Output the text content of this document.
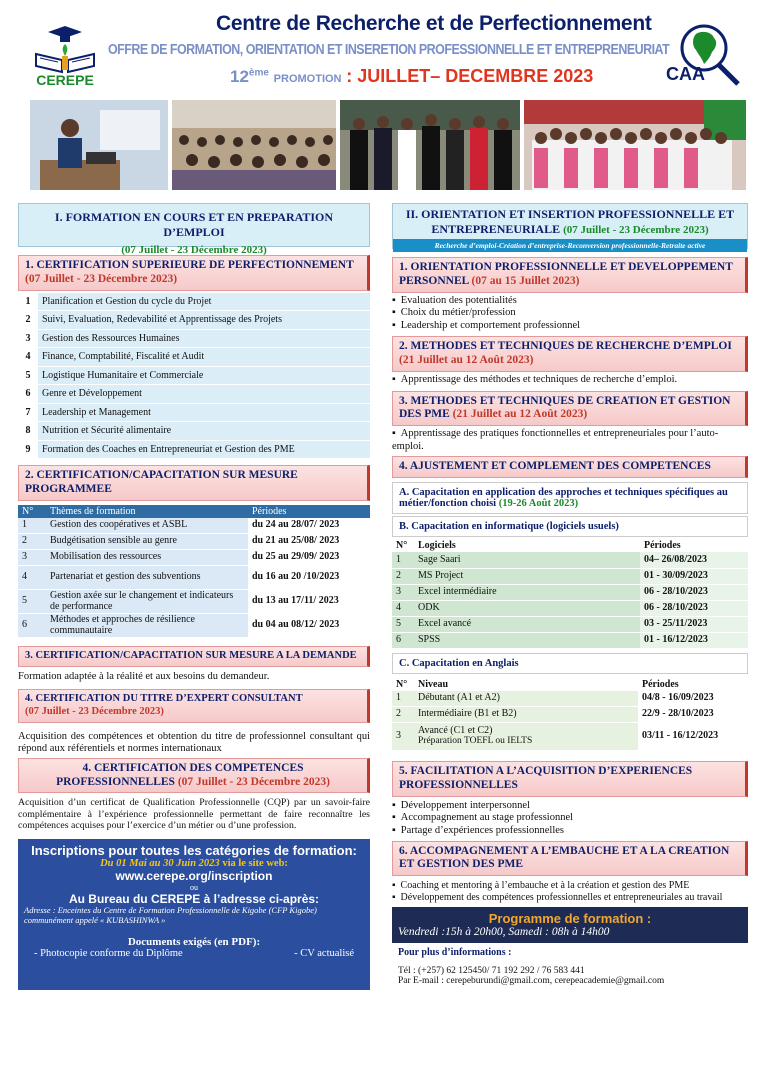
CEREPE
Centre de Recherche et de Perfectionnement
OFFRE DE FORMATION, ORIENTATION ET INSERETION PROFESSIONNELLE ET ENTREPRENEURIAT
12ème PROMOTION : JUILLET– DECEMBRE 2023	CAA
I. FORMATION EN COURS ET EN PREPARATION D’EMPLOI
(07 Juillet - 23 Décembre 2023)
1. CERTIFICATION SUPERIEURE DE PERFECTIONNEMENT (07 Juillet - 23 Décembre 2023)
1	Planification et Gestion du cycle du Projet
2	Suivi, Evaluation, Redevabilité et Apprentissage des Projets
3	Gestion des Ressources Humaines
4	Finance, Comptabilité, Fiscalité et Audit
5	Logistique Humanitaire et Commerciale
6	Genre et Développement
7	Leadership et Management
8	Nutrition et Sécurité alimentaire
9	Formation des Coaches en Entrepreneuriat et Gestion des PME
2. CERTIFICATION/CAPACITATION SUR MESURE PROGRAMMEE
N°	Thèmes de formation	Périodes
1	Gestion des coopératives et ASBL	du 24 au 28/07/ 2023
2	Budgétisation sensible au genre	du 21 au 25/08/ 2023
3	Mobilisation des ressources	du 25 au 29/09/ 2023
4	Partenariat et gestion des subventions	du 16 au 20 /10/2023
5	Gestion axée sur le changement et indicateurs de performance	du 13 au 17/11/ 2023
6	Méthodes et approches de résilience communautaire	du 04 au 08/12/ 2023
3. CERTIFICATION/CAPACITATION SUR MESURE A LA DEMANDE
Formation adaptée à la réalité et aux besoins du demandeur.
4. CERTIFICATION DU TITRE D’EXPERT CONSULTANT
(07 Juillet - 23 Décembre 2023)
Acquisition des compétences et obtention du titre de professionnel consultant qui répond aux référentiels et normes internationaux
4. CERTIFICATION DES COMPETENCES PROFESSIONNELLES (07 Juillet - 23 Décembre 2023)
Acquisition d’un certificat de Qualification Professionnelle (CQP) par un savoir-faire complémentaire à l’expérience professionnelle permettant de faire reconnaître les compétences acquises pour l’exercice d’un métier ou d’une profession.
Inscriptions pour toutes les catégories de formation:
Du 01 Mai au 30 Juin 2023 via le site web:
www.cerepe.org/inscription
ou
Au Bureau du CEREPE à l’adresse ci-après:
Adresse : Enceintes du Centre de Formation Professionnelle de Kigobe (CFP Kigobe) communément appelé « KUBASHINWA »
Documents exigés (en PDF):
- Photocopie conforme du Diplôme	- CV actualisé
II. ORIENTATION ET INSERTION PROFESSIONNELLE ET ENTREPRENEURIALE (07 Juillet - 23 Décembre 2023)
Recherche d’emploi-Création d’entreprise-Reconversion professionnelle-Retraite active
1. ORIENTATION PROFESSIONNELLE ET DEVELOPPEMENT PERSONNEL (07 au 15 Juillet 2023)
▪ Evaluation des potentialités
▪ Choix du métier/profession
▪ Leadership et comportement professionnel
2. METHODES ET TECHNIQUES DE RECHERCHE D’EMPLOI (21 Juillet au 12 Août 2023)
▪ Apprentissage des méthodes et techniques de recherche d’emploi.
3. METHODES ET TECHNIQUES DE CREATION ET GESTION DES PME (21 Juillet au 12 Août 2023)
▪ Apprentissage des pratiques fonctionnelles et entrepreneuriales pour l’auto-emploi.
4. AJUSTEMENT ET COMPLEMENT DES COMPETENCES
A. Capacitation en application des approches et techniques spécifiques au métier/fonction choisi (19-26 Août 2023)
B. Capacitation en informatique (logiciels usuels)
N°	Logiciels	Périodes
1	Sage Saari	04– 26/08/2023
2	MS Project	01 - 30/09/2023
3	Excel intermédiaire	06 - 28/10/2023
4	ODK	06 - 28/10/2023
5	Excel avancé	03 - 25/11/2023
6	SPSS	01 - 16/12/2023
C. Capacitation en Anglais
N°	Niveau	Périodes
1	Débutant (A1 et A2)	04/8 - 16/09/2023
2	Intermédiaire (B1 et B2)	22/9 - 28/10/2023
3	Avancé (C1 et C2)
Préparation TOEFL ou IELTS	03/11 - 16/12/2023
5. FACILITATION A L’ACQUISITION D’EXPERIENCES PROFESSIONNELLES
▪ Développement interpersonnel
▪ Accompagnement au stage professionnel
▪ Partage d’expériences professionnelles
6. ACCOMPAGNEMENT A L’EMBAUCHE ET A LA CREATION ET GESTION DES PME
▪ Coaching et mentoring à l’embauche et à la création et gestion des PME
▪ Développement des compétences professionnelles et entrepreneuriales au travail
Programme de formation :
Vendredi :15h à 20h00, Samedi : 08h à 14h00
Pour plus d’informations :
Tél : (+257) 62 125450/ 71 192 292 / 76 583 441
Par E-mail : cerepeburundi@gmail.com, cerepeacademie@gmail.com
